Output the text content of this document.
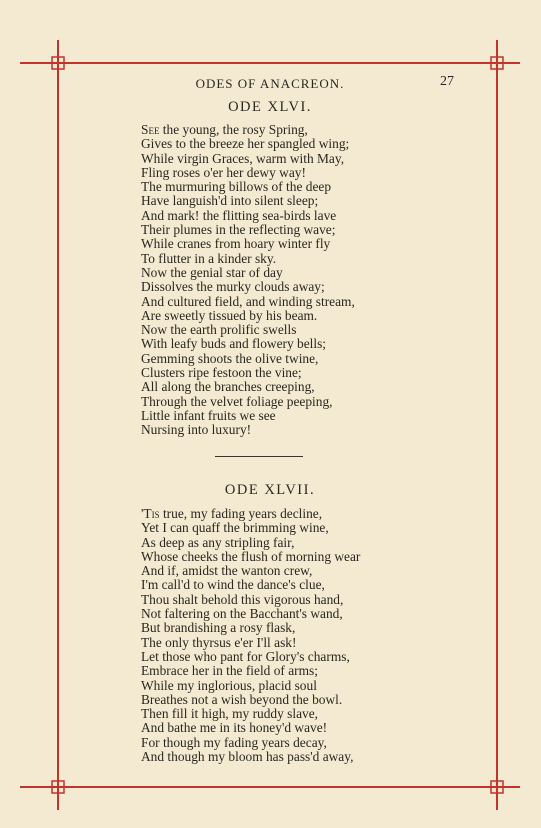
ODES OF ANACREON.	27
ODE XLVI.
See the young, the rosy Spring,
Gives to the breeze her spangled wing;
While virgin Graces, warm with May,
Fling roses o'er her dewy way!
The murmuring billows of the deep
Have languish'd into silent sleep;
And mark! the flitting sea-birds lave
Their plumes in the reflecting wave;
While cranes from hoary winter fly
To flutter in a kinder sky.
Now the genial star of day
Dissolves the murky clouds away;
And cultured field, and winding stream,
Are sweetly tissued by his beam.
Now the earth prolific swells
With leafy buds and flowery bells;
Gemming shoots the olive twine,
Clusters ripe festoon the vine;
All along the branches creeping,
Through the velvet foliage peeping,
Little infant fruits we see
Nursing into luxury!
ODE XLVII.
'Tis true, my fading years decline,
Yet I can quaff the brimming wine,
As deep as any stripling fair,
Whose cheeks the flush of morning wear
And if, amidst the wanton crew,
I'm call'd to wind the dance's clue,
Thou shalt behold this vigorous hand,
Not faltering on the Bacchant's wand,
But brandishing a rosy flask,
The only thyrsus e'er I'll ask!
Let those who pant for Glory's charms,
Embrace her in the field of arms;
While my inglorious, placid soul
Breathes not a wish beyond the bowl.
Then fill it high, my ruddy slave,
And bathe me in its honey'd wave!
For though my fading years decay,
And though my bloom has pass'd away,
